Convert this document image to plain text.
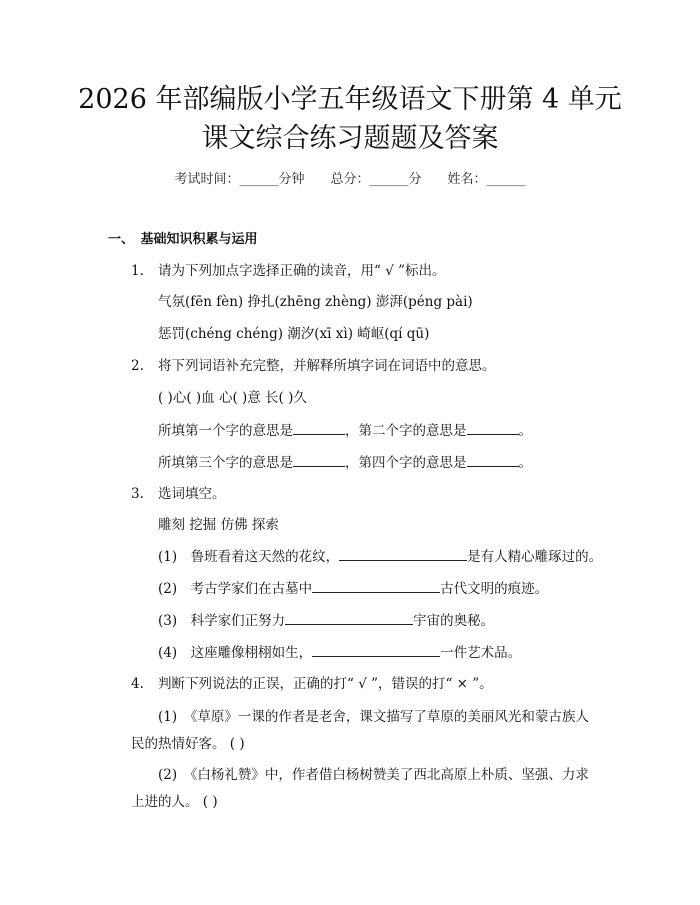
2026 年部编版小学五年级语文下册第 4 单元
课文综合练习题题及答案
考试时间：______分钟 总分：______分 姓名：______
一、　基础知识积累与运用
1. 请为下列加点字选择正确的读音，用“ √ ”标出。
气氛(fēn fèn) 挣扎(zhēng zhèng) 澎湃(péng pài)
惩罚(chéng chéng) 潮汐(xī xì) 崎岖(qí qū)
2. 将下列词语补充完整，并解释所填字词在词语中的意思。
( )心( )血 心( )意 长( )久
所填第一个字的意思是	，第二个字的意思是	。
所填第三个字的意思是	，第四个字的意思是	。
3. 选词填空。
雕刻 挖掘 仿佛 探索
(1)　鲁班看着这天然的花纹，	是有人精心雕琢过的。
(2)　考古学家们在古墓中	古代文明的痕迹。
(3)　科学家们正努力	宇宙的奥秘。
(4)　这座雕像栩栩如生，	一件艺术品。
4. 判断下列说法的正误，正确的打“ √ ”，错误的打“ × ”。
(1)　《草原》一课的作者是老舍，课文描写了草原的美丽风光和蒙古族人
民的热情好客。 ( )
(2)　《白杨礼赞》中，作者借白杨树赞美了西北高原上朴质、坚强、力求
上进的人。 ( )
